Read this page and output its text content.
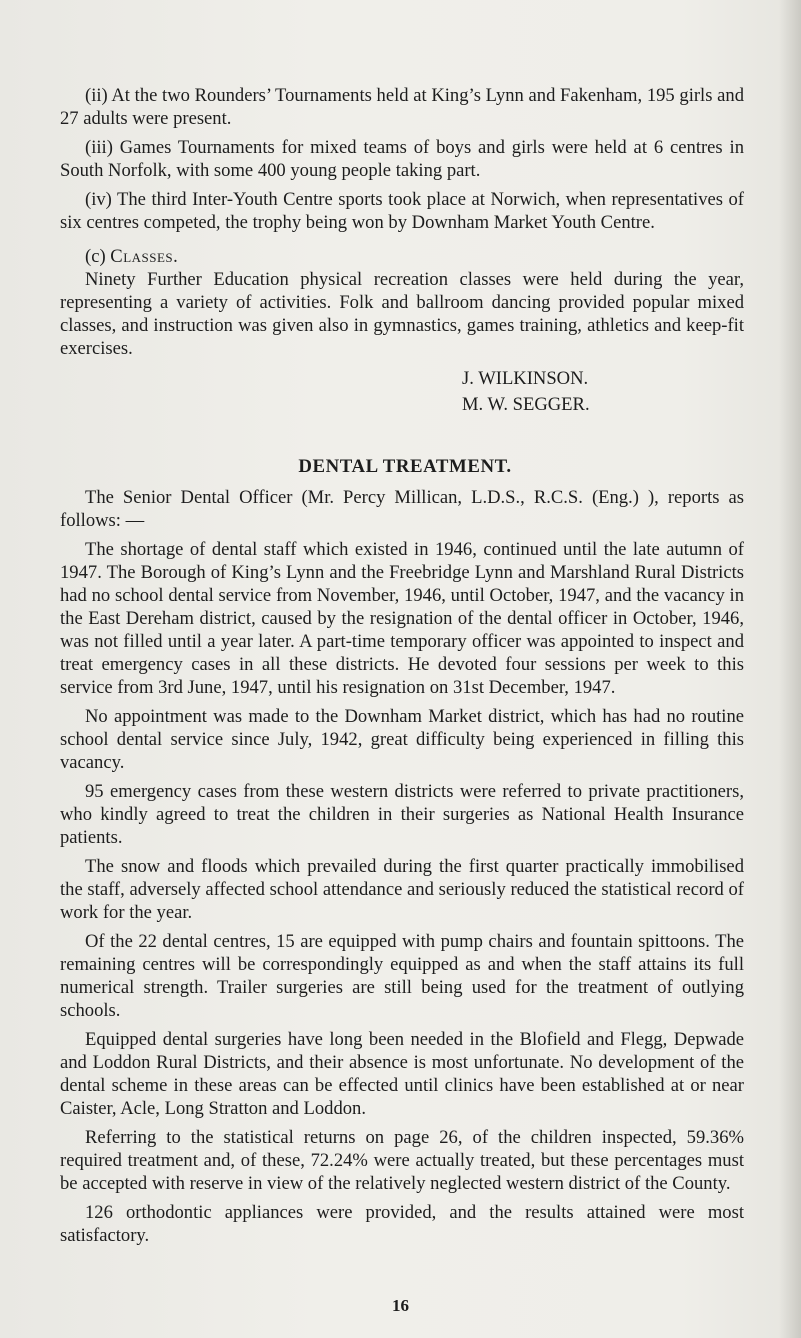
(ii) At the two Rounders’ Tournaments held at King’s Lynn and Fakenham, 195 girls and 27 adults were present.

(iii) Games Tournaments for mixed teams of boys and girls were held at 6 centres in South Norfolk, with some 400 young people taking part.

(iv) The third Inter-Youth Centre sports took place at Norwich, when representatives of six centres competed, the trophy being won by Downham Market Youth Centre.

(c) Classes.

Ninety Further Education physical recreation classes were held during the year, representing a variety of activities. Folk and ballroom dancing provided popular mixed classes, and instruction was given also in gymnastics, games training, athletics and keep-fit exercises.

J. WILKINSON.

M. W. SEGGER.

DENTAL TREATMENT.

The Senior Dental Officer (Mr. Percy Millican, L.D.S., R.C.S. (Eng.) ), reports as follows: —

The shortage of dental staff which existed in 1946, continued until the late autumn of 1947. The Borough of King’s Lynn and the Freebridge Lynn and Marshland Rural Districts had no school dental service from November, 1946, until October, 1947, and the vacancy in the East Dereham district, caused by the resignation of the dental officer in October, 1946, was not filled until a year later. A part-time temporary officer was appointed to inspect and treat emergency cases in all these districts. He devoted four sessions per week to this service from 3rd June, 1947, until his resignation on 31st December, 1947.

No appointment was made to the Downham Market district, which has had no routine school dental service since July, 1942, great difficulty being experienced in filling this vacancy.

95 emergency cases from these western districts were referred to private practitioners, who kindly agreed to treat the children in their surgeries as National Health Insurance patients.

The snow and floods which prevailed during the first quarter practically immobilised the staff, adversely affected school attendance and seriously reduced the statistical record of work for the year.

Of the 22 dental centres, 15 are equipped with pump chairs and fountain spittoons. The remaining centres will be correspondingly equipped as and when the staff attains its full numerical strength. Trailer surgeries are still being used for the treatment of outlying schools.

Equipped dental surgeries have long been needed in the Blofield and Flegg, Depwade and Loddon Rural Districts, and their absence is most unfortunate. No development of the dental scheme in these areas can be effected until clinics have been established at or near Caister, Acle, Long Stratton and Loddon.

Referring to the statistical returns on page 26, of the children inspected, 59.36% required treatment and, of these, 72.24% were actually treated, but these percentages must be accepted with reserve in view of the relatively neglected western district of the County.

126 orthodontic appliances were provided, and the results attained were most satisfactory.

16
